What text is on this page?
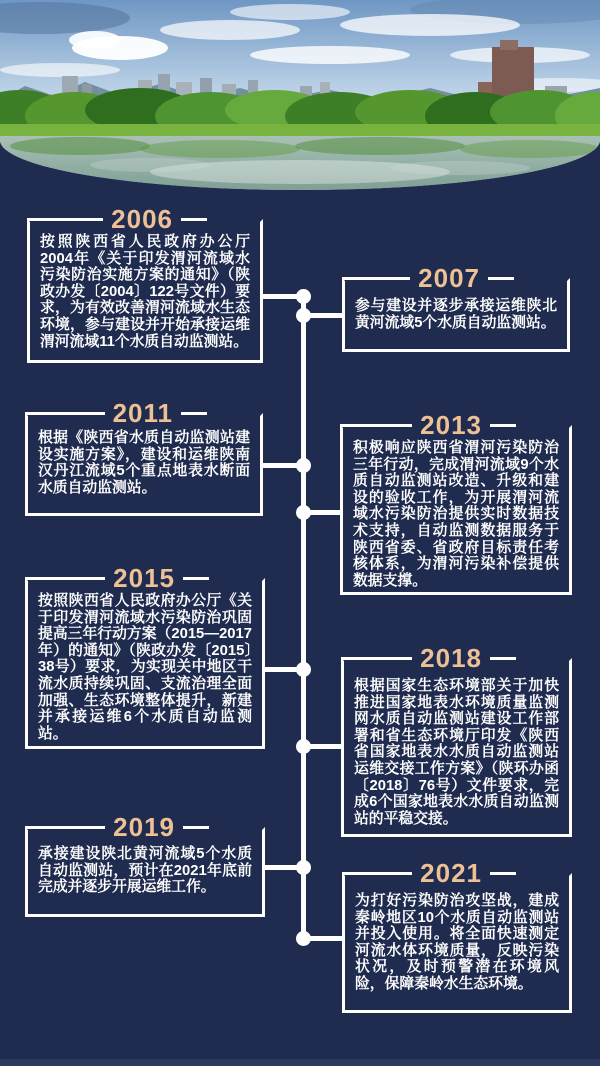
2006

按照陕西省人民政府办公厅2004年《关于印发渭河流域水污染防治实施方案的通知》（陕政办发〔2004〕122号文件）要求，为有效改善渭河流域水生态环境，参与建设并开始承接运维渭河流域11个水质自动监测站。

2007

参与建设并逐步承接运维陕北黄河流域5个水质自动监测站。

2011

根据《陕西省水质自动监测站建设实施方案》，建设和运维陕南汉丹江流域5个重点地表水断面水质自动监测站。

2013

积极响应陕西省渭河污染防治三年行动，完成渭河流域9个水质自动监测站改造、升级和建设的验收工作，为开展渭河流域水污染防治提供实时数据技术支持，自动监测数据服务于陕西省委、省政府目标责任考核体系，为渭河污染补偿提供数据支撑。

2015

按照陕西省人民政府办公厅《关于印发渭河流域水污染防治巩固提高三年行动方案（2015—2017年）的通知》（陕政办发〔2015〕38号）要求，为实现关中地区干流水质持续巩固、支流治理全面加强、生态环境整体提升，新建并承接运维6个水质自动监测站。

2018

根据国家生态环境部关于加快推进国家地表水环境质量监测网水质自动监测站建设工作部署和省生态环境厅印发《陕西省国家地表水水质自动监测站运维交接工作方案》（陕环办函〔2018〕76号）文件要求，完成6个国家地表水水质自动监测站的平稳交接。

2019

承接建设陕北黄河流域5个水质自动监测站，预计在2021年底前完成并逐步开展运维工作。	2021

为打好污染防治攻坚战，建成秦岭地区10个水质自动监测站并投入使用。将全面快速测定河流水体环境质量，反映污染状况，及时预警潜在环境风险，保障秦岭水生态环境。
